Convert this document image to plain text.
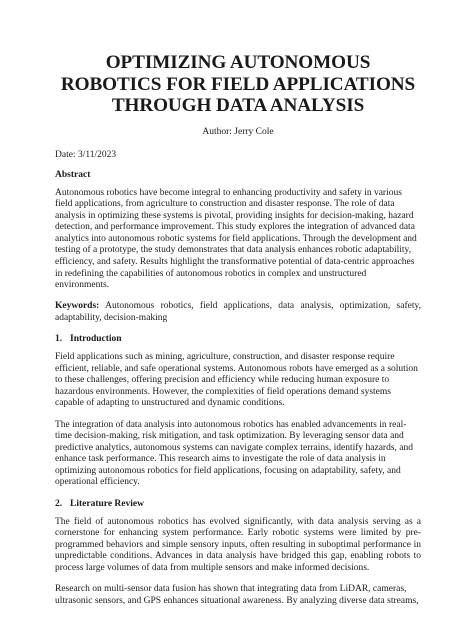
OPTIMIZING AUTONOMOUS ROBOTICS FOR FIELD APPLICATIONS THROUGH DATA ANALYSIS
Author: Jerry Cole
Date: 3/11/2023
Abstract

Autonomous robotics have become integral to enhancing productivity and safety in various field applications, from agriculture to construction and disaster response. The role of data analysis in optimizing these systems is pivotal, providing insights for decision-making, hazard detection, and performance improvement. This study explores the integration of advanced data analytics into autonomous robotic systems for field applications. Through the development and testing of a prototype, the study demonstrates that data analysis enhances robotic adaptability, efficiency, and safety. Results highlight the transformative potential of data-centric approaches in redefining the capabilities of autonomous robotics in complex and unstructured environments.

Keywords: Autonomous robotics, field applications, data analysis, optimization, safety, adaptability, decision-making

1. Introduction

Field applications such as mining, agriculture, construction, and disaster response require efficient, reliable, and safe operational systems. Autonomous robots have emerged as a solution to these challenges, offering precision and efficiency while reducing human exposure to hazardous environments. However, the complexities of field operations demand systems capable of adapting to unstructured and dynamic conditions.

The integration of data analysis into autonomous robotics has enabled advancements in real-time decision-making, risk mitigation, and task optimization. By leveraging sensor data and predictive analytics, autonomous systems can navigate complex terrains, identify hazards, and enhance task performance. This research aims to investigate the role of data analysis in optimizing autonomous robotics for field applications, focusing on adaptability, safety, and operational efficiency.

2. Literature Review

The field of autonomous robotics has evolved significantly, with data analysis serving as a cornerstone for enhancing system performance. Early robotic systems were limited by pre-programmed behaviors and simple sensory inputs, often resulting in suboptimal performance in unpredictable conditions. Advances in data analysis have bridged this gap, enabling robots to process large volumes of data from multiple sensors and make informed decisions.

Research on multi-sensor data fusion has shown that integrating data from LiDAR, cameras, ultrasonic sensors, and GPS enhances situational awareness. By analyzing diverse data streams,
